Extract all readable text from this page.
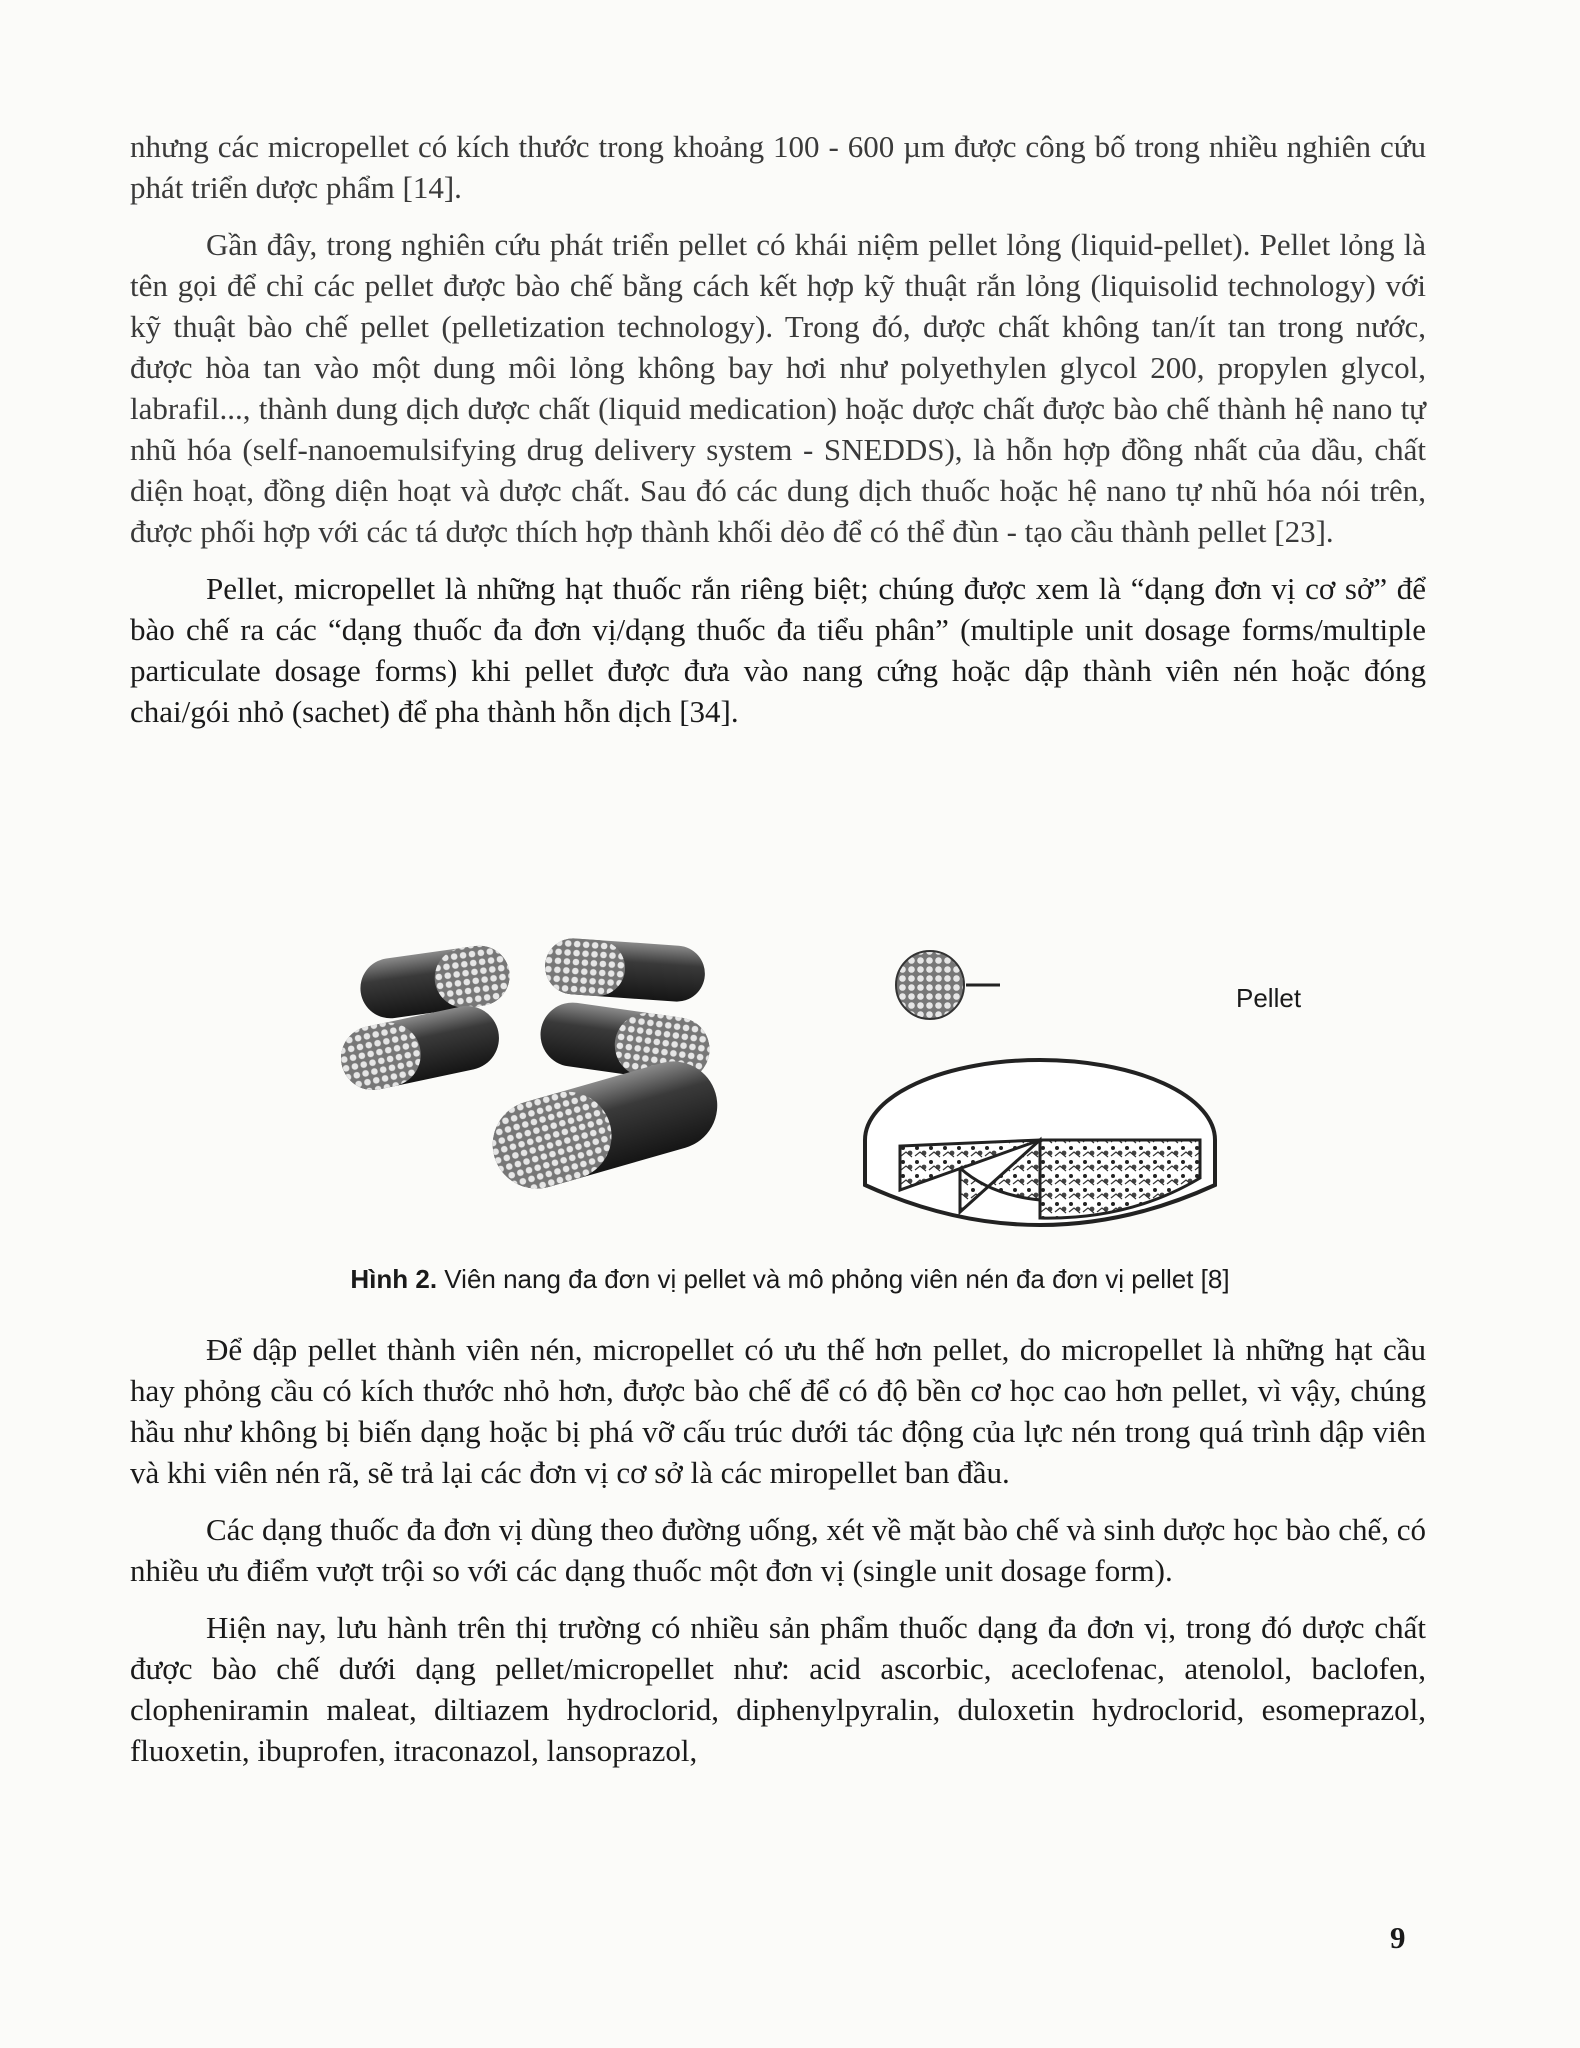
nhưng các micropellet có kích thước trong khoảng 100 - 600 µm được công bố trong nhiều nghiên cứu phát triển dược phẩm [14].

Gần đây, trong nghiên cứu phát triển pellet có khái niệm pellet lỏng (liquid-pellet). Pellet lỏng là tên gọi để chỉ các pellet được bào chế bằng cách kết hợp kỹ thuật rắn lỏng (liquisolid technology) với kỹ thuật bào chế pellet (pelletization technology). Trong đó, dược chất không tan/ít tan trong nước, được hòa tan vào một dung môi lỏng không bay hơi như polyethylen glycol 200, propylen glycol, labrafil..., thành dung dịch dược chất (liquid medication) hoặc dược chất được bào chế thành hệ nano tự nhũ hóa (self-nanoemulsifying drug delivery system - SNEDDS), là hỗn hợp đồng nhất của dầu, chất diện hoạt, đồng diện hoạt và dược chất. Sau đó các dung dịch thuốc hoặc hệ nano tự nhũ hóa nói trên, được phối hợp với các tá dược thích hợp thành khối dẻo để có thể đùn - tạo cầu thành pellet [23].

Pellet, micropellet là những hạt thuốc rắn riêng biệt; chúng được xem là “dạng đơn vị cơ sở” để bào chế ra các “dạng thuốc đa đơn vị/dạng thuốc đa tiểu phân” (multiple unit dosage forms/multiple particulate dosage forms) khi pellet được đưa vào nang cứng hoặc dập thành viên nén hoặc đóng chai/gói nhỏ (sachet) để pha thành hỗn dịch [34].

Pellet
Hình 2. Viên nang đa đơn vị pellet và mô phỏng viên nén đa đơn vị pellet [8]

Để dập pellet thành viên nén, micropellet có ưu thế hơn pellet, do micropellet là những hạt cầu hay phỏng cầu có kích thước nhỏ hơn, được bào chế để có độ bền cơ học cao hơn pellet, vì vậy, chúng hầu như không bị biến dạng hoặc bị phá vỡ cấu trúc dưới tác động của lực nén trong quá trình dập viên và khi viên nén rã, sẽ trả lại các đơn vị cơ sở là các miropellet ban đầu.

Các dạng thuốc đa đơn vị dùng theo đường uống, xét về mặt bào chế và sinh dược học bào chế, có nhiều ưu điểm vượt trội so với các dạng thuốc một đơn vị (single unit dosage form).

Hiện nay, lưu hành trên thị trường có nhiều sản phẩm thuốc dạng đa đơn vị, trong đó dược chất được bào chế dưới dạng pellet/micropellet như: acid ascorbic, aceclofenac, atenolol, baclofen, clopheniramin maleat, diltiazem hydroclorid, diphenylpyralin, duloxetin hydroclorid, esomeprazol, fluoxetin, ibuprofen, itraconazol, lansoprazol,

9
